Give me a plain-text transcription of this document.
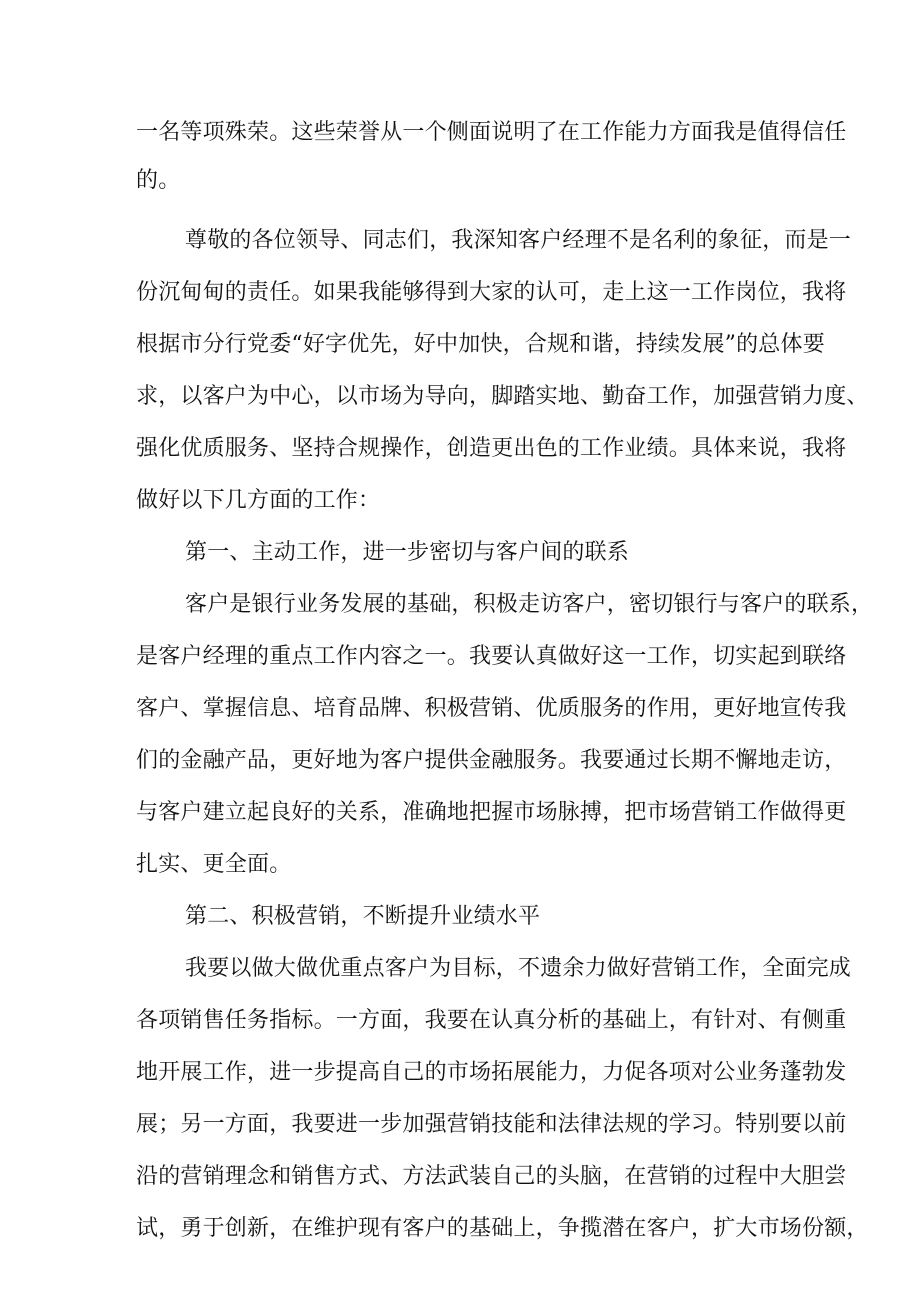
一名等项殊荣。这些荣誉从一个侧面说明了在工作能力方面我是值得信任
的。
尊敬的各位领导、同志们，我深知客户经理不是名利的象征，而是一
份沉甸甸的责任。如果我能够得到大家的认可，走上这一工作岗位，我将
根据市分行党委“好字优先，好中加快，合规和谐，持续发展”的总体要
求，以客户为中心，以市场为导向，脚踏实地、勤奋工作，加强营销力度、
强化优质服务、坚持合规操作，创造更出色的工作业绩。具体来说，我将
做好以下几方面的工作：
第一、主动工作，进一步密切与客户间的联系
客户是银行业务发展的基础，积极走访客户，密切银行与客户的联系，
是客户经理的重点工作内容之一。我要认真做好这一工作，切实起到联络
客户、掌握信息、培育品牌、积极营销、优质服务的作用，更好地宣传我
们的金融产品，更好地为客户提供金融服务。我要通过长期不懈地走访，
与客户建立起良好的关系，准确地把握市场脉搏，把市场营销工作做得更
扎实、更全面。
第二、积极营销，不断提升业绩水平
我要以做大做优重点客户为目标，不遗余力做好营销工作，全面完成
各项销售任务指标。一方面，我要在认真分析的基础上，有针对、有侧重
地开展工作，进一步提高自己的市场拓展能力，力促各项对公业务蓬勃发
展；另一方面，我要进一步加强营销技能和法律法规的学习。特别要以前
沿的营销理念和销售方式、方法武装自己的头脑，在营销的过程中大胆尝
试，勇于创新，在维护现有客户的基础上，争揽潜在客户，扩大市场份额，
